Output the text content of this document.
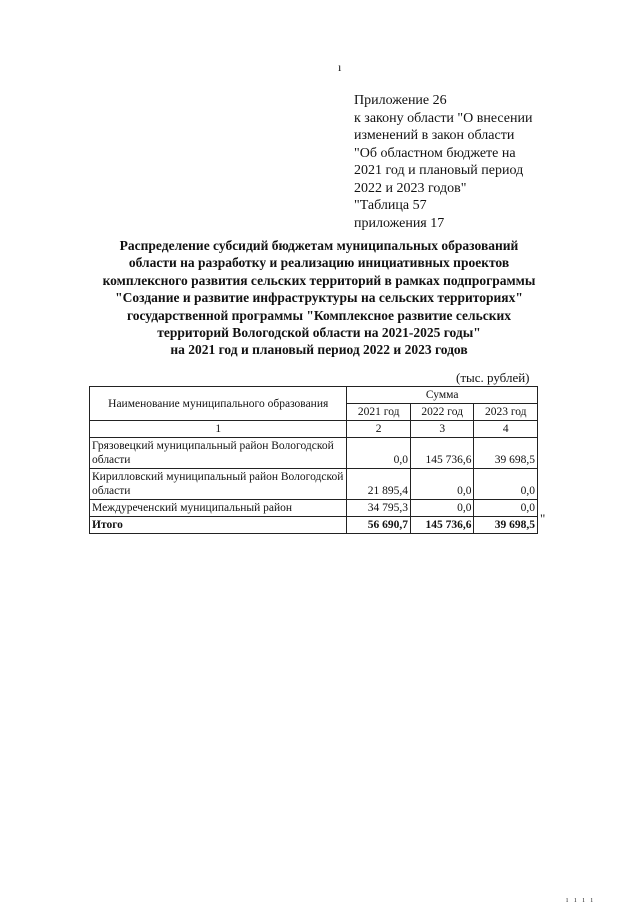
ı
Приложение 26
к закону области "О внесении
изменений в закон области
"Об областном бюджете на
2021 год и плановый период
2022 и 2023 годов"
"Таблица 57
приложения 17
Распределение субсидий бюджетам муниципальных образований
области на разработку и реализацию инициативных проектов
комплексного развития сельских территорий в рамках подпрограммы
"Создание и развитие инфраструктуры на сельских территориях"
государственной программы "Комплексное развитие сельских
территорий Вологодской области на 2021-2025 годы"
на 2021 год и плановый период 2022 и 2023 годов
(тыс. рублей)
Наименование муниципального образования	Сумма		
	2021 год	2022 год	2023 год
1	2	3	4
Грязовецкий муниципальный район Вологодской области	0,0	145 736,6	39 698,5
Кирилловский муниципальный район Вологодской области	21 895,4	0,0	0,0
Междуреченский муниципальный район	34 795,3	0,0	0,0
Итого	56 690,7	145 736,6	39 698,5 "
ı ı ı ı
